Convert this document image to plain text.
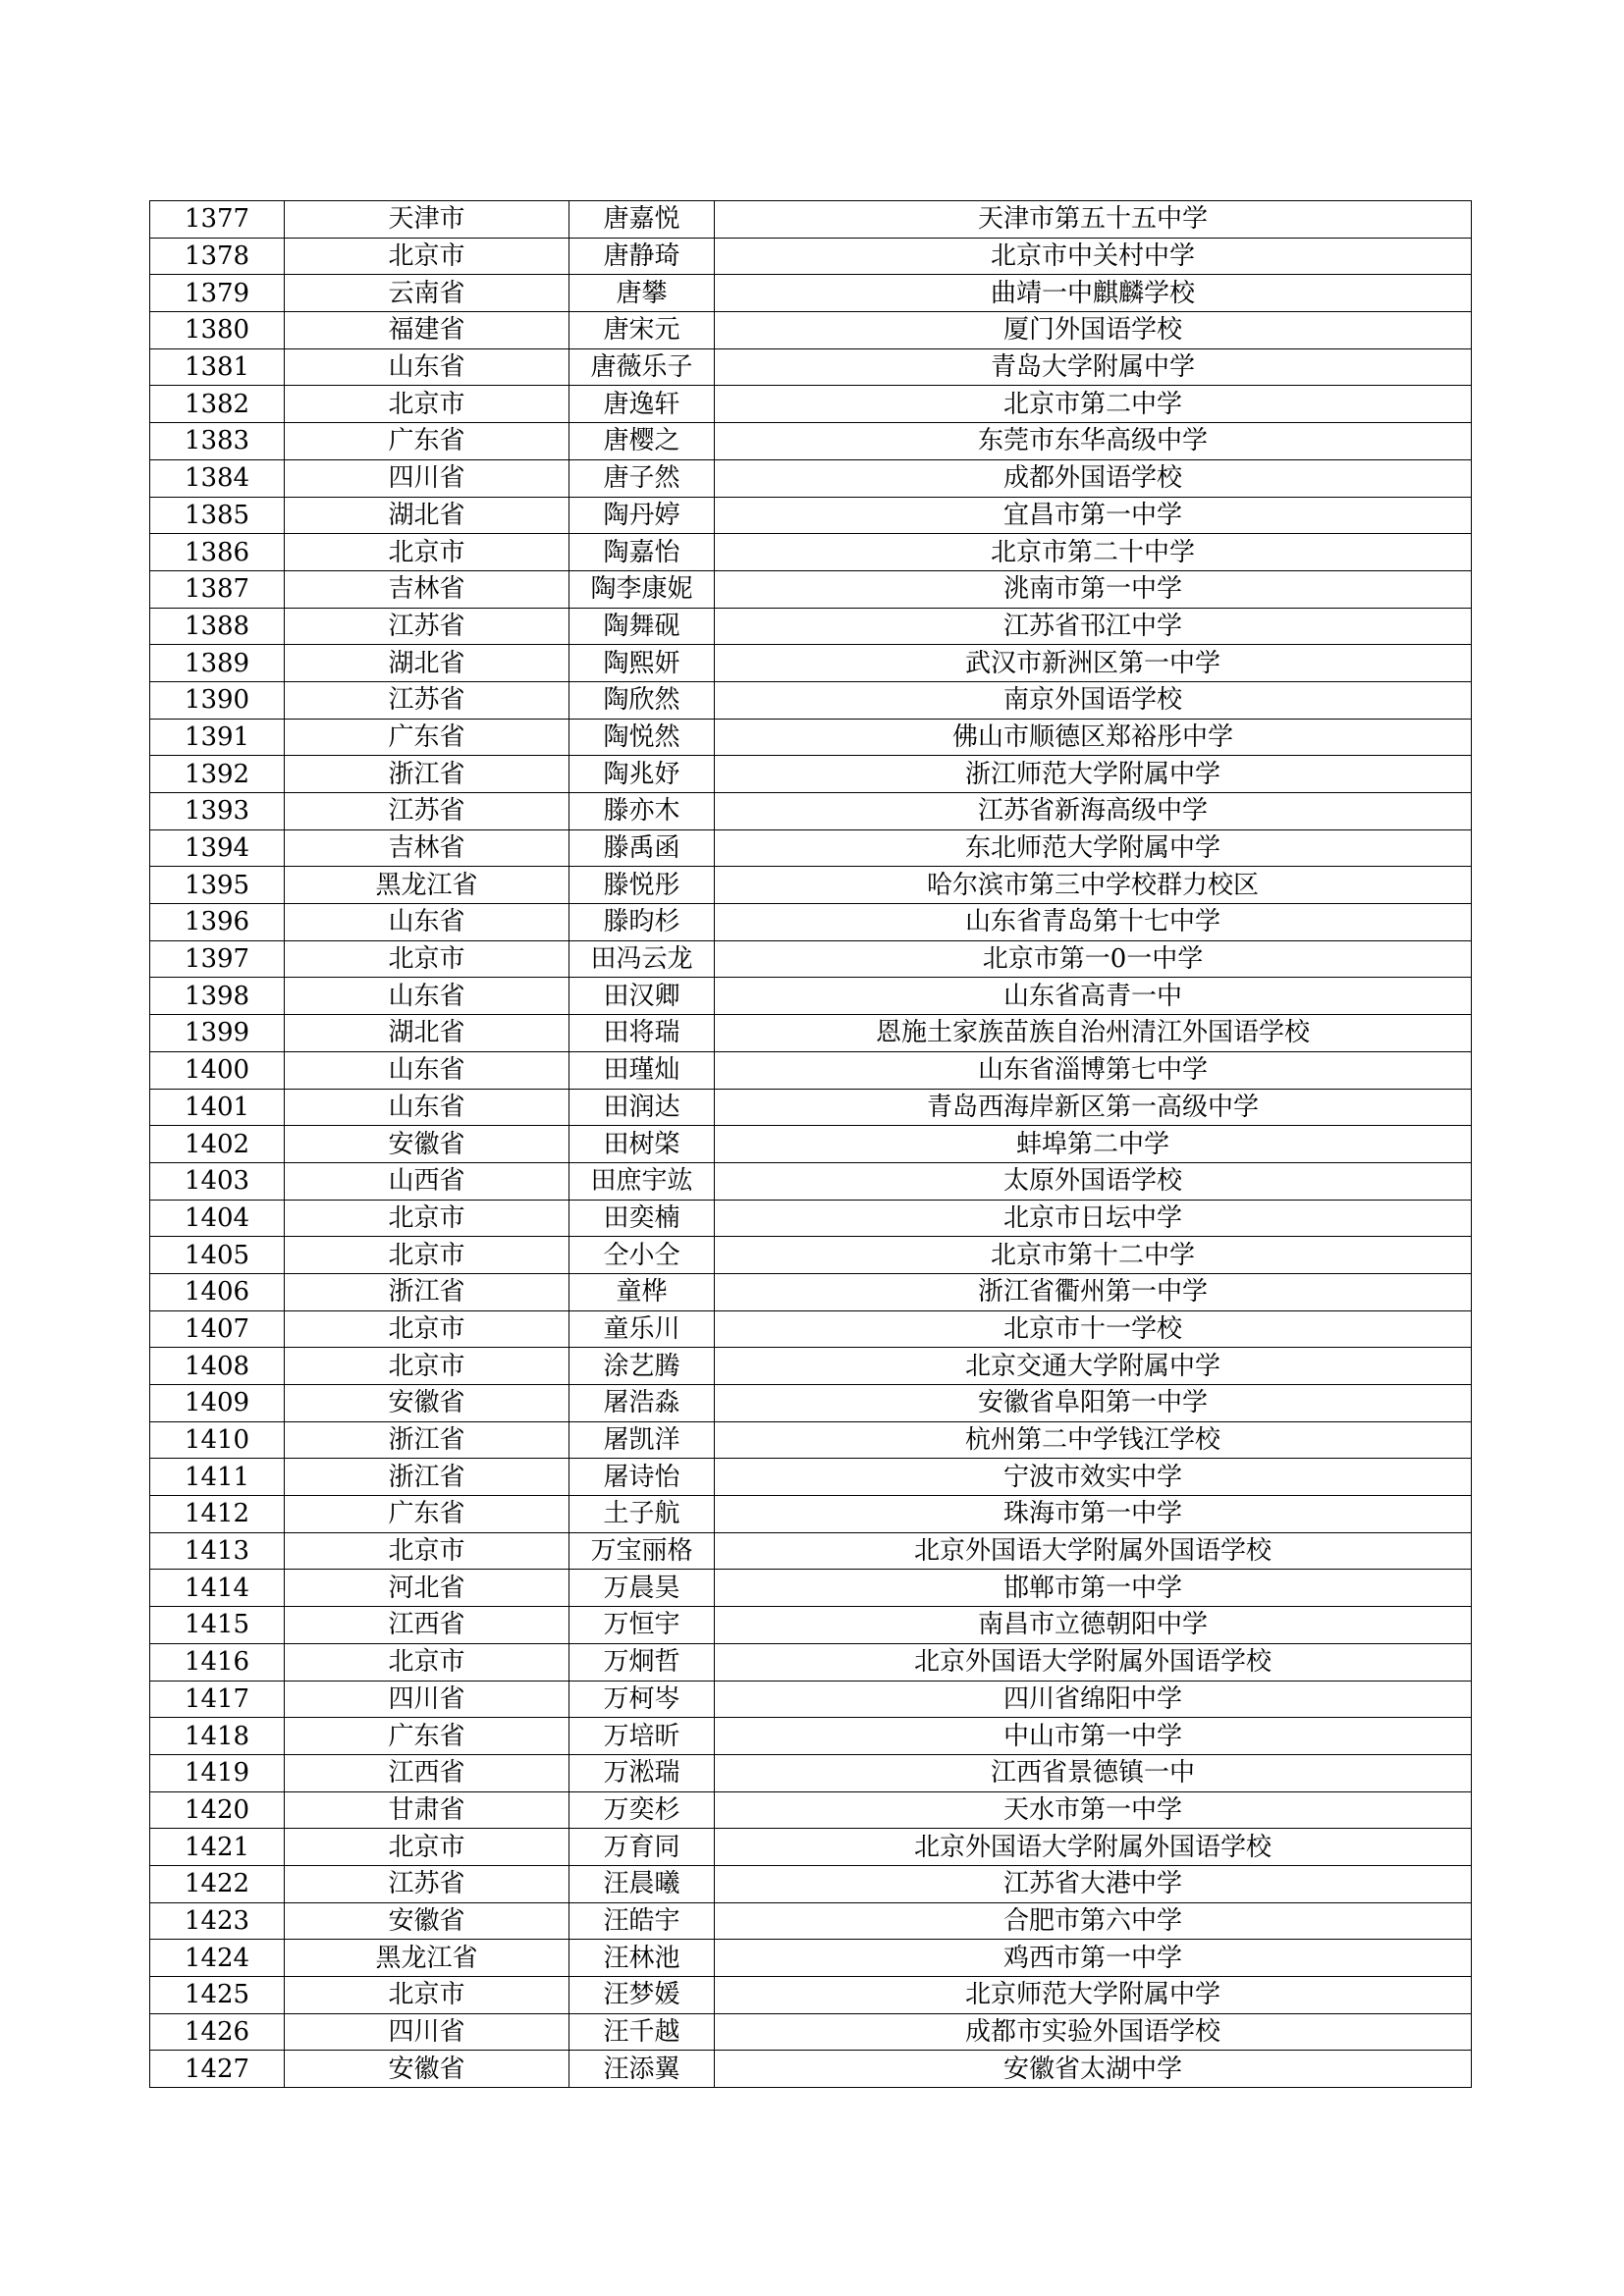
1377	天津市	唐嘉悦	天津市第五十五中学
1378	北京市	唐静琦	北京市中关村中学
1379	云南省	唐攀	曲靖一中麒麟学校
1380	福建省	唐宋元	厦门外国语学校
1381	山东省	唐薇乐子	青岛大学附属中学
1382	北京市	唐逸轩	北京市第二中学
1383	广东省	唐樱之	东莞市东华高级中学
1384	四川省	唐子然	成都外国语学校
1385	湖北省	陶丹婷	宜昌市第一中学
1386	北京市	陶嘉怡	北京市第二十中学
1387	吉林省	陶李康妮	洮南市第一中学
1388	江苏省	陶舞砚	江苏省邗江中学
1389	湖北省	陶熙妍	武汉市新洲区第一中学
1390	江苏省	陶欣然	南京外国语学校
1391	广东省	陶悦然	佛山市顺德区郑裕彤中学
1392	浙江省	陶兆妤	浙江师范大学附属中学
1393	江苏省	滕亦木	江苏省新海高级中学
1394	吉林省	滕禹函	东北师范大学附属中学
1395	黑龙江省	滕悦彤	哈尔滨市第三中学校群力校区
1396	山东省	滕昀杉	山东省青岛第十七中学
1397	北京市	田冯云龙	北京市第一0一中学
1398	山东省	田汉卿	山东省高青一中
1399	湖北省	田将瑞	恩施土家族苗族自治州清江外国语学校
1400	山东省	田瑾灿	山东省淄博第七中学
1401	山东省	田润达	青岛西海岸新区第一高级中学
1402	安徽省	田树棨	蚌埠第二中学
1403	山西省	田庶宇竑	太原外国语学校
1404	北京市	田奕楠	北京市日坛中学
1405	北京市	仝小仝	北京市第十二中学
1406	浙江省	童桦	浙江省衢州第一中学
1407	北京市	童乐川	北京市十一学校
1408	北京市	涂艺腾	北京交通大学附属中学
1409	安徽省	屠浩淼	安徽省阜阳第一中学
1410	浙江省	屠凯洋	杭州第二中学钱江学校
1411	浙江省	屠诗怡	宁波市效实中学
1412	广东省	土子航	珠海市第一中学
1413	北京市	万宝丽格	北京外国语大学附属外国语学校
1414	河北省	万晨昊	邯郸市第一中学
1415	江西省	万恒宇	南昌市立德朝阳中学
1416	北京市	万炯哲	北京外国语大学附属外国语学校
1417	四川省	万柯岑	四川省绵阳中学
1418	广东省	万培昕	中山市第一中学
1419	江西省	万淞瑞	江西省景德镇一中
1420	甘肃省	万奕杉	天水市第一中学
1421	北京市	万育同	北京外国语大学附属外国语学校
1422	江苏省	汪晨曦	江苏省大港中学
1423	安徽省	汪皓宇	合肥市第六中学
1424	黑龙江省	汪林池	鸡西市第一中学
1425	北京市	汪梦媛	北京师范大学附属中学
1426	四川省	汪千越	成都市实验外国语学校
1427	安徽省	汪添翼	安徽省太湖中学
